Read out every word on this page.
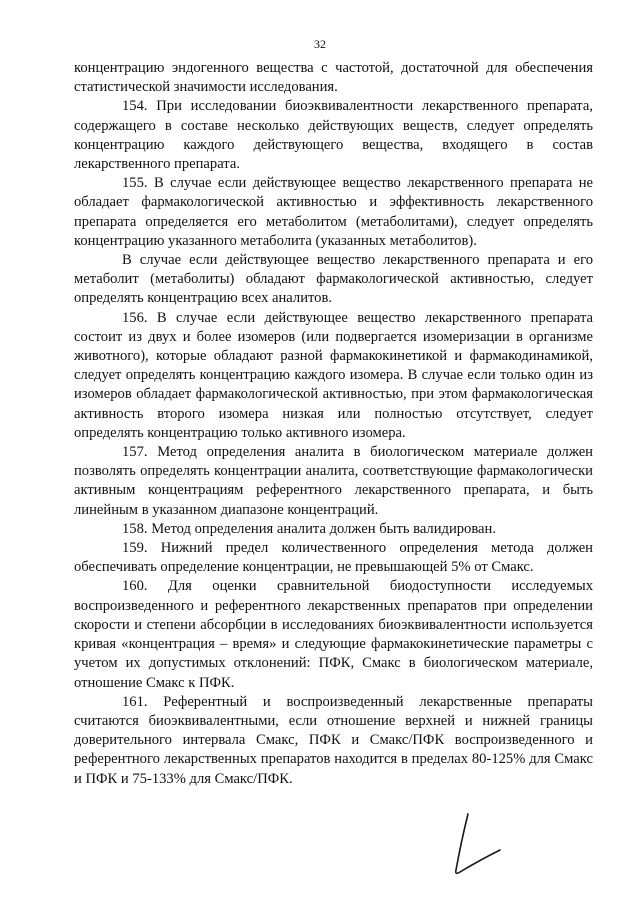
32

концентрацию эндогенного вещества с частотой, достаточной для обеспечения статистической значимости исследования.

154. При исследовании биоэквивалентности лекарственного препарата, содержащего в составе несколько действующих веществ, следует определять концентрацию каждого действующего вещества, входящего в состав лекарственного препарата.

155. В случае если действующее вещество лекарственного препарата не обладает фармакологической активностью и эффективность лекарственного препарата определяется его метаболитом (метаболитами), следует определять концентрацию указанного метаболита (указанных метаболитов).

В случае если действующее вещество лекарственного препарата и его метаболит (метаболиты) обладают фармакологической активностью, следует определять концентрацию всех аналитов.

156. В случае если действующее вещество лекарственного препарата состоит из двух и более изомеров (или подвергается изомеризации в организме животного), которые обладают разной фармакокинетикой и фармакодинамикой, следует определять концентрацию каждого изомера. В случае если только один из изомеров обладает фармакологической активностью, при этом фармакологическая активность второго изомера низкая или полностью отсутствует, следует определять концентрацию только активного изомера.

157. Метод определения аналита в биологическом материале должен позволять определять концентрации аналита, соответствующие фармакологически активным концентрациям референтного лекарственного препарата, и быть линейным в указанном диапазоне концентраций.

158. Метод определения аналита должен быть валидирован.

159. Нижний предел количественного определения метода должен обеспечивать определение концентрации, не превышающей 5% от Смакс.

160. Для оценки сравнительной биодоступности исследуемых воспроизведенного и референтного лекарственных препаратов при определении скорости и степени абсорбции в исследованиях биоэквивалентности используется кривая «концентрация – время» и следующие фармакокинетические параметры с учетом их допустимых отклонений: ПФК, Смакс в биологическом материале, отношение Смакс к ПФК.

161. Референтный и воспроизведенный лекарственные препараты считаются биоэквивалентными, если отношение верхней и нижней границы доверительного интервала Смакс, ПФК и Смакс/ПФК воспроизведенного и референтного лекарственных препаратов находится в пределах 80-125% для Смакс и ПФК и 75-133% для Смакс/ПФК.
